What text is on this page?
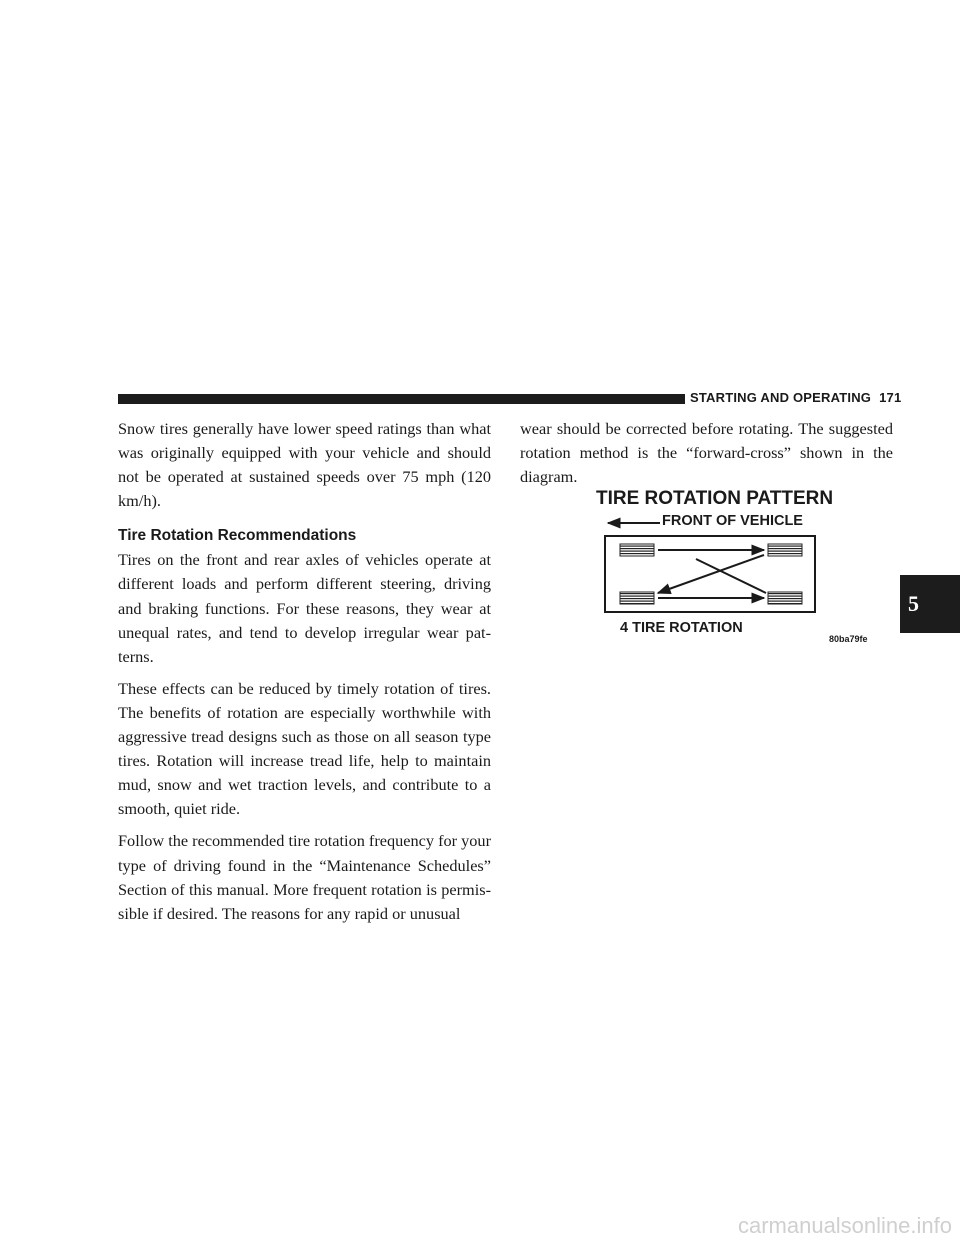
STARTING AND OPERATING 171

Snow tires generally have lower speed ratings than what was originally equipped with your vehicle and should not be operated at sustained speeds over 75 mph (120 km/h).

Tire Rotation Recommendations

Tires on the front and rear axles of vehicles operate at different loads and perform different steering, driving and braking functions. For these reasons, they wear at unequal rates, and tend to develop irregular wear pat-terns.

These effects can be reduced by timely rotation of tires. The benefits of rotation are especially worthwhile with aggressive tread designs such as those on all season type tires. Rotation will increase tread life, help to maintain mud, snow and wet traction levels, and contribute to a smooth, quiet ride.

Follow the recommended tire rotation frequency for your type of driving found in the “Maintenance Schedules” Section of this manual. More frequent rotation is permis-sible if desired. The reasons for any rapid or unusual

wear should be corrected before rotating. The suggested rotation method is the “forward-cross” shown in the diagram.

TIRE ROTATION PATTERN
FRONT OF VEHICLE
4 TIRE ROTATION
80ba79fe
5
carmanualsonline.info
